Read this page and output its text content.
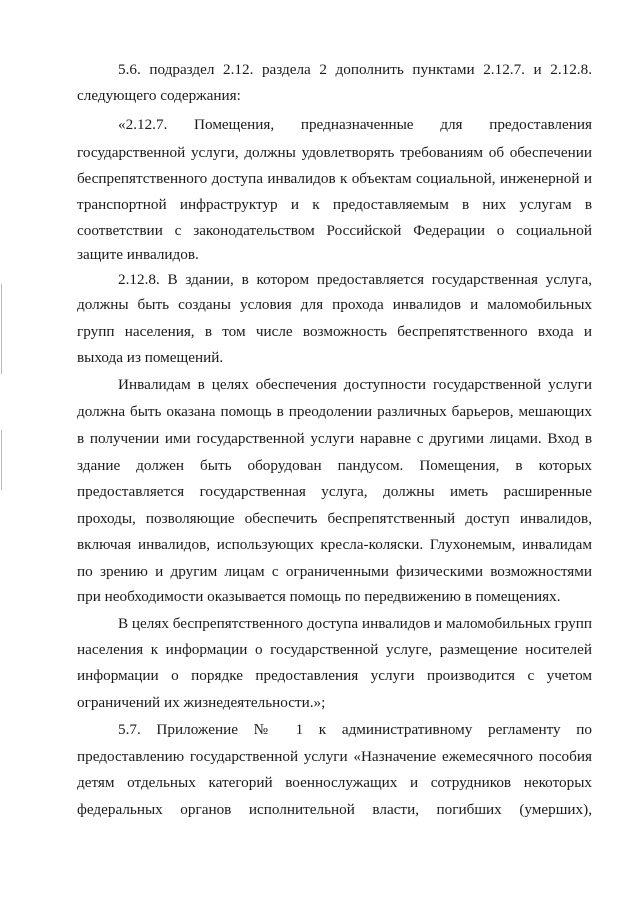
5.6. подраздел 2.12. раздела 2 дополнить пунктами 2.12.7. и 2.12.8.
следующего содержания:
«2.12.7. Помещения, предназначенные для предоставления
государственной услуги, должны удовлетворять требованиям об обеспечении
беспрепятственного доступа инвалидов к объектам социальной, инженерной и
транспортной инфраструктур и к предоставляемым в них услугам в
соответствии с законодательством Российской Федерации о социальной
защите инвалидов.
2.12.8. В здании, в котором предоставляется государственная услуга,
должны быть созданы условия для прохода инвалидов и маломобильных
групп населения, в том числе возможность беспрепятственного входа и
выхода из помещений.
Инвалидам в целях обеспечения доступности государственной услуги
должна быть оказана помощь в преодолении различных барьеров, мешающих
в получении ими государственной услуги наравне с другими лицами. Вход в
здание должен быть оборудован пандусом. Помещения, в которых
предоставляется государственная услуга, должны иметь расширенные
проходы, позволяющие обеспечить беспрепятственный доступ инвалидов,
включая инвалидов, использующих кресла-коляски. Глухонемым, инвалидам
по зрению и другим лицам с ограниченными физическими возможностями
при необходимости оказывается помощь по передвижению в помещениях.
В целях беспрепятственного доступа инвалидов и маломобильных групп
населения к информации о государственной услуге, размещение носителей
информации о порядке предоставления услуги производится с учетом
ограничений их жизнедеятельности.»;
5.7. Приложение № 1 к административному регламенту по
предоставлению государственной услуги «Назначение ежемесячного пособия
детям отдельных категорий военнослужащих и сотрудников некоторых
федеральных органов исполнительной власти, погибших (умерших),
